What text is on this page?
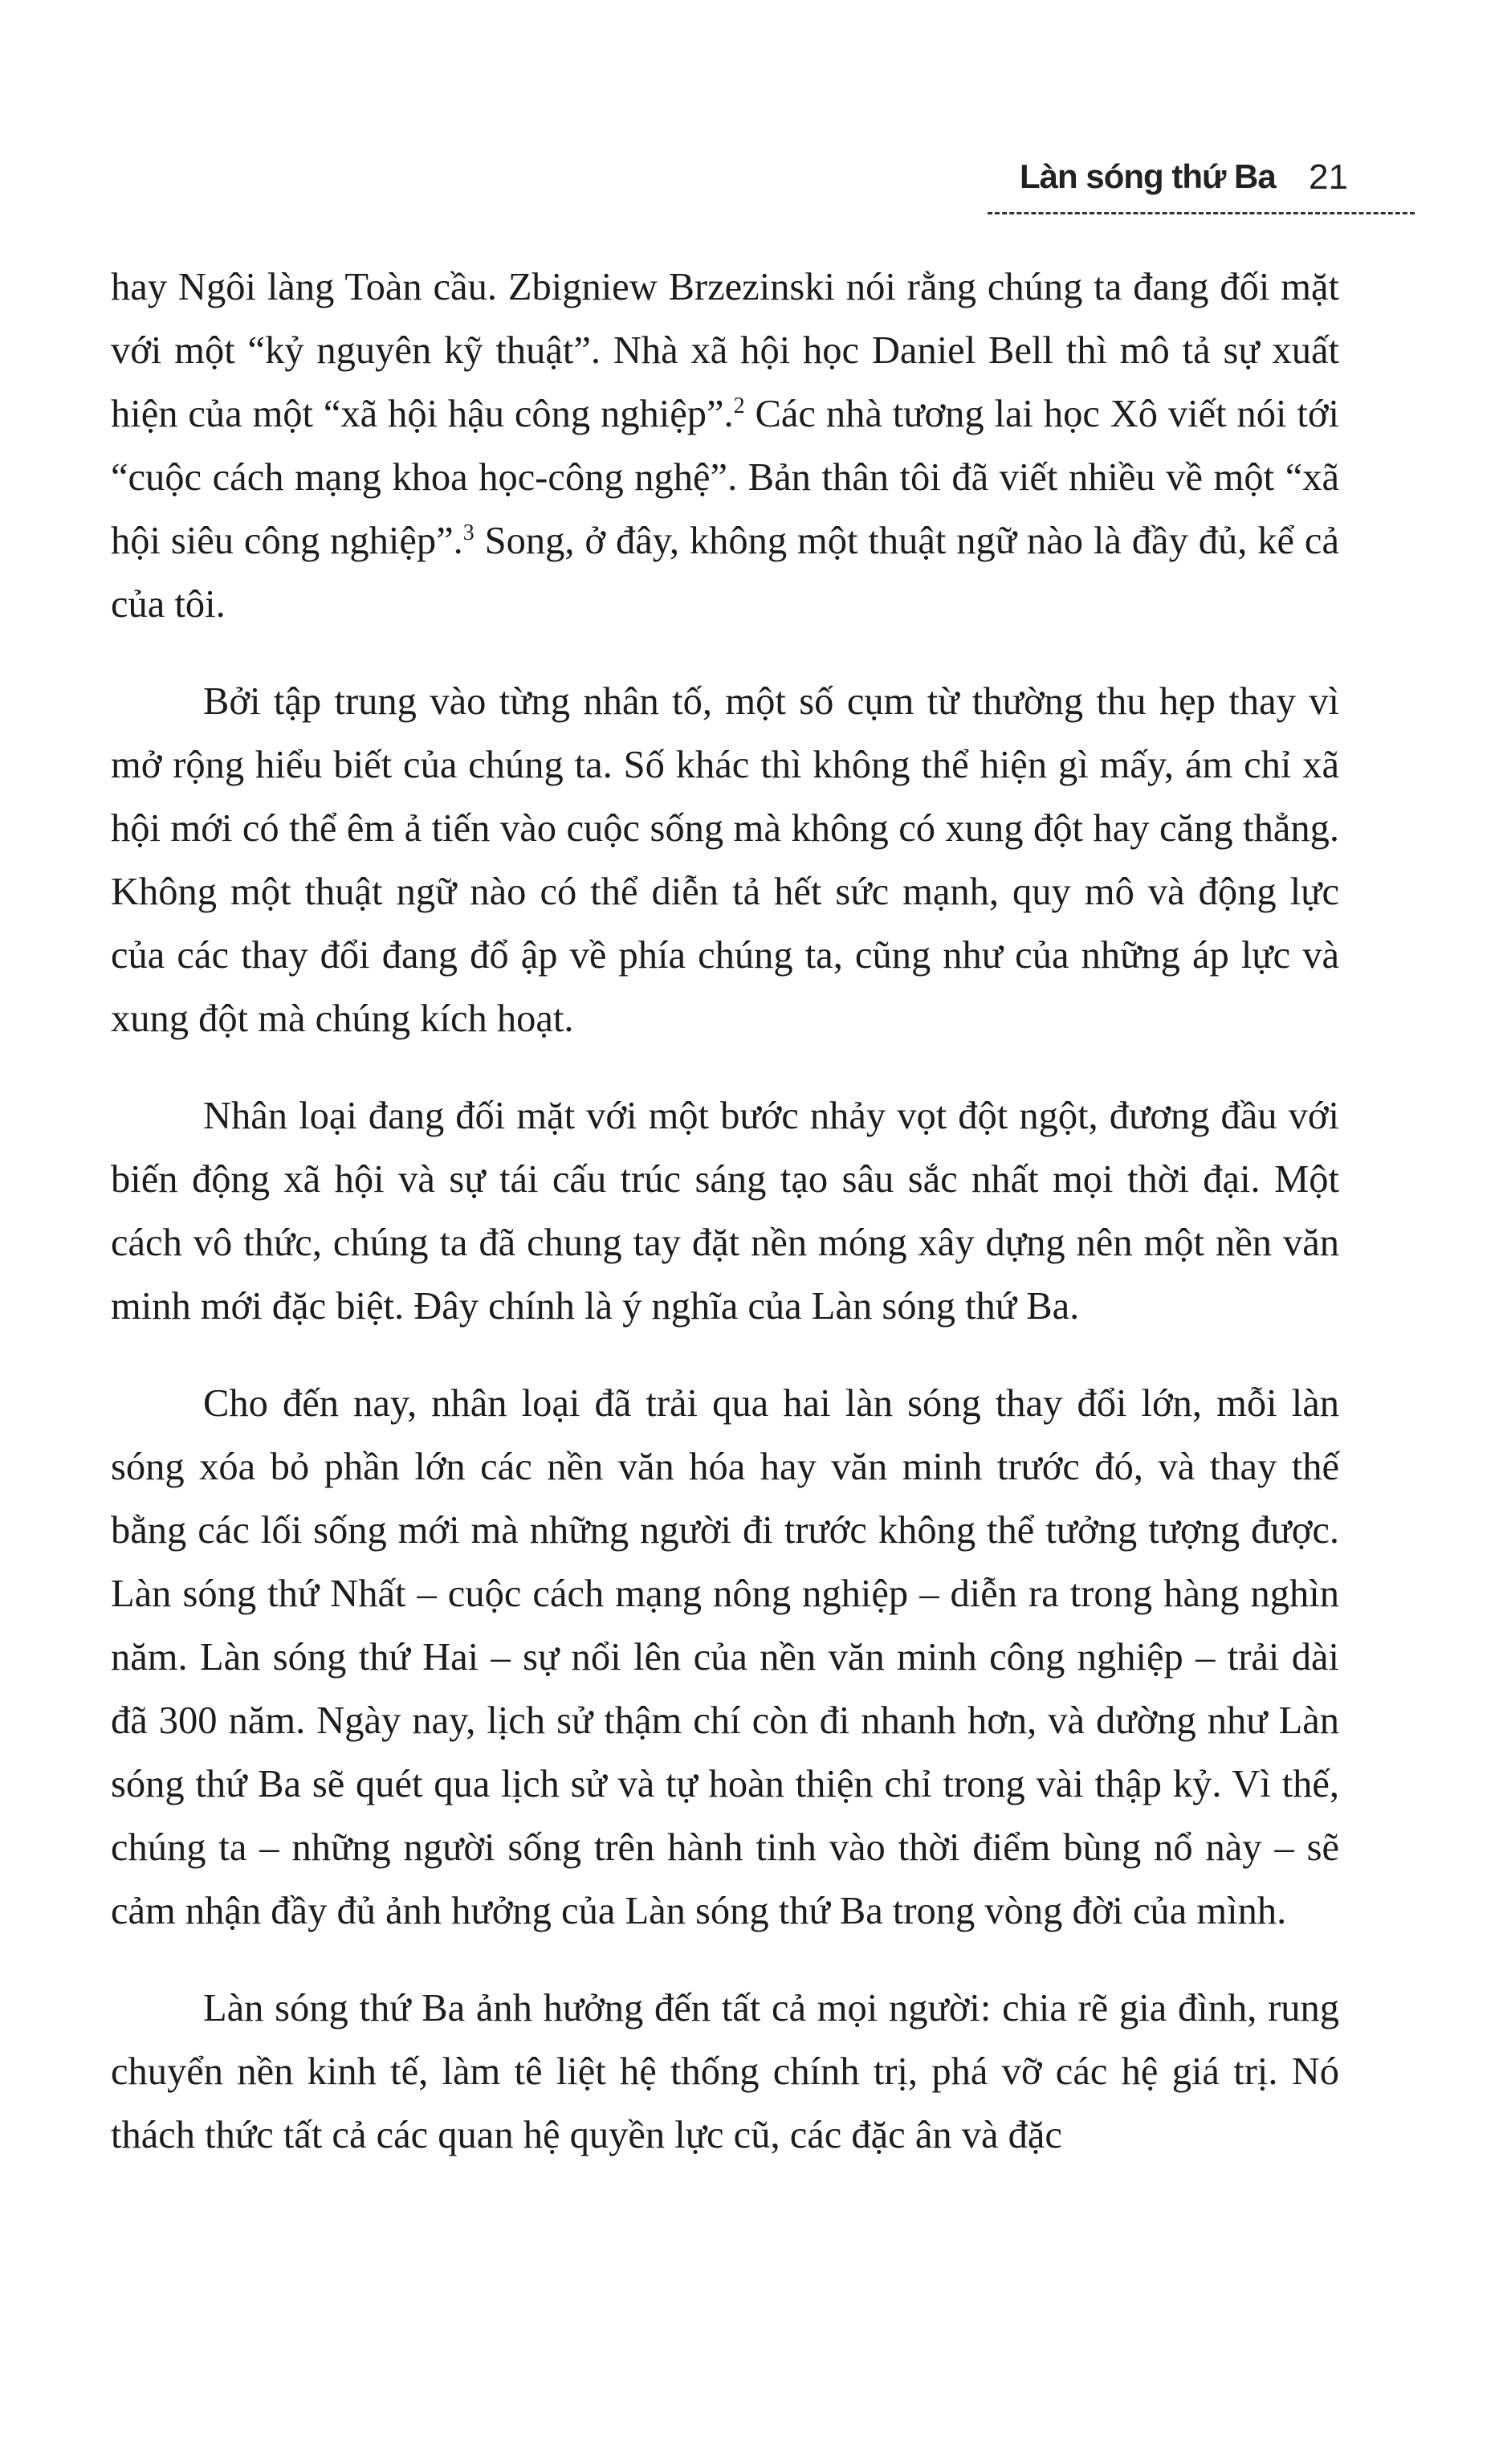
Làn sóng thứ Ba 21

hay Ngôi làng Toàn cầu. Zbigniew Brzezinski nói rằng chúng ta đang đối mặt với một “kỷ nguyên kỹ thuật”. Nhà xã hội học Daniel Bell thì mô tả sự xuất hiện của một “xã hội hậu công nghiệp”.$^2$ Các nhà tương lai học Xô viết nói tới “cuộc cách mạng khoa học-công nghệ”. Bản thân tôi đã viết nhiều về một “xã hội siêu công nghiệp”.$^3$ Song, ở đây, không một thuật ngữ nào là đầy đủ, kể cả của tôi.

Bởi tập trung vào từng nhân tố, một số cụm từ thường thu hẹp thay vì mở rộng hiểu biết của chúng ta. Số khác thì không thể hiện gì mấy, ám chỉ xã hội mới có thể êm ả tiến vào cuộc sống mà không có xung đột hay căng thẳng. Không một thuật ngữ nào có thể diễn tả hết sức mạnh, quy mô và động lực của các thay đổi đang đổ ập về phía chúng ta, cũng như của những áp lực và xung đột mà chúng kích hoạt.

Nhân loại đang đối mặt với một bước nhảy vọt đột ngột, đương đầu với biến động xã hội và sự tái cấu trúc sáng tạo sâu sắc nhất mọi thời đại. Một cách vô thức, chúng ta đã chung tay đặt nền móng xây dựng nên một nền văn minh mới đặc biệt. Đây chính là ý nghĩa của Làn sóng thứ Ba.

Cho đến nay, nhân loại đã trải qua hai làn sóng thay đổi lớn, mỗi làn sóng xóa bỏ phần lớn các nền văn hóa hay văn minh trước đó, và thay thế bằng các lối sống mới mà những người đi trước không thể tưởng tượng được. Làn sóng thứ Nhất – cuộc cách mạng nông nghiệp – diễn ra trong hàng nghìn năm. Làn sóng thứ Hai – sự nổi lên của nền văn minh công nghiệp – trải dài đã 300 năm. Ngày nay, lịch sử thậm chí còn đi nhanh hơn, và dường như Làn sóng thứ Ba sẽ quét qua lịch sử và tự hoàn thiện chỉ trong vài thập kỷ. Vì thế, chúng ta – những người sống trên hành tinh vào thời điểm bùng nổ này – sẽ cảm nhận đầy đủ ảnh hưởng của Làn sóng thứ Ba trong vòng đời của mình.

Làn sóng thứ Ba ảnh hưởng đến tất cả mọi người: chia rẽ gia đình, rung chuyển nền kinh tế, làm tê liệt hệ thống chính trị, phá vỡ các hệ giá trị. Nó thách thức tất cả các quan hệ quyền lực cũ, các đặc ân và đặc
